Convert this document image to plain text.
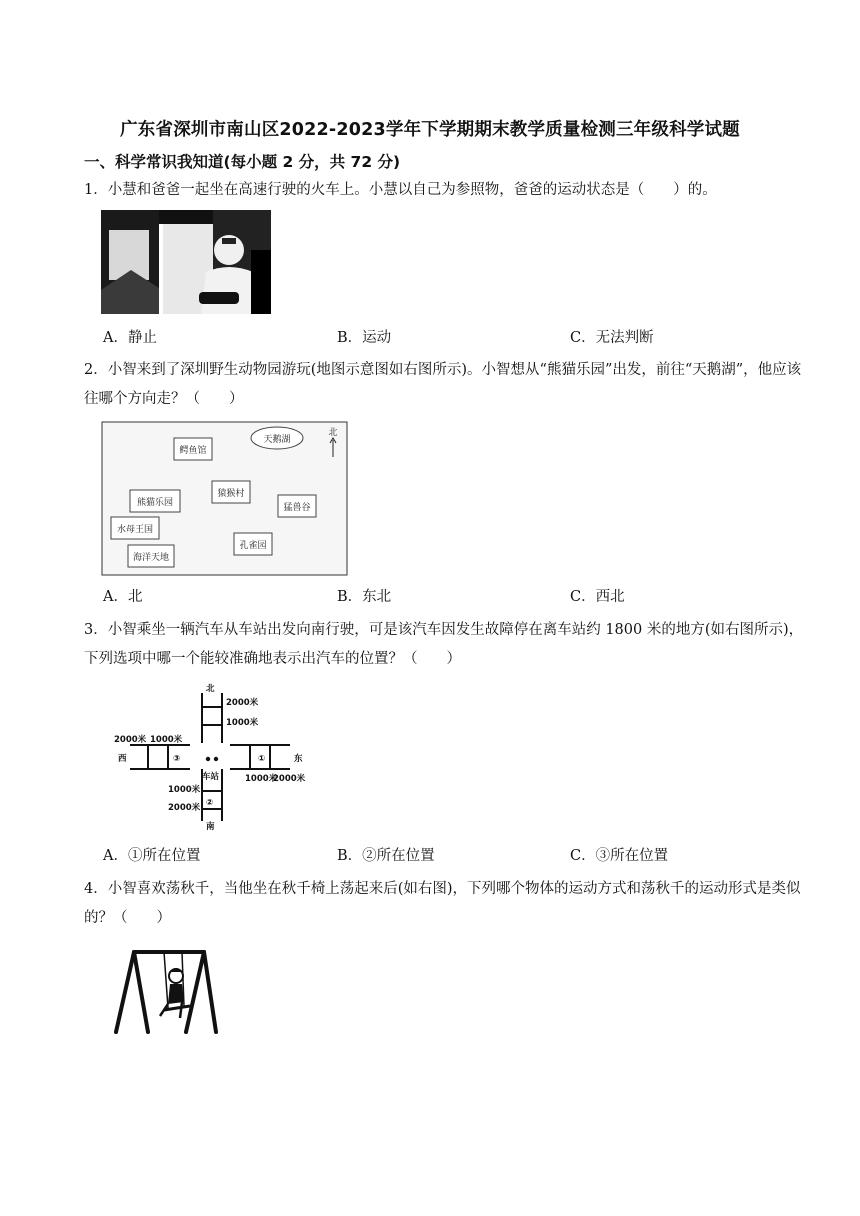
广东省深圳市南山区2022-2023学年下学期期末教学质量检测三年级科学试题
一、科学常识我知道(每小题 2 分，共 72 分)
1．小慧和爸爸一起坐在高速行驶的火车上。小慧以自己为参照物，爸爸的运动状态是（　　）的。
A．静止	B．运动	C．无法判断
2．小智来到了深圳野生动物园游玩(地图示意图如右图所示)。小智想从“熊猫乐园”出发，前往“天鹅湖”，他应该往哪个方向走？（　　）
鳄鱼馆
天鹅湖
北
熊猫乐园
猿猴村
猛兽谷
水母王国
孔雀园
海洋天地
A．北	B．东北	C．西北
3．小智乘坐一辆汽车从车站出发向南行驶，可是该汽车因发生故障停在离车站约 1800 米的地方(如右图所示)，下列选项中哪一个能较准确地表示出汽车的位置？（　　）
北
2000米
1000米
2000米 1000米
西	③	①	东
车站	1000米
2000米
1000米
②
2000米
南
A．①所在位置	B．②所在位置	C．③所在位置
4．小智喜欢荡秋千，当他坐在秋千椅上荡起来后(如右图)，下列哪个物体的运动方式和荡秋千的运动形式是类似的？（　　）
